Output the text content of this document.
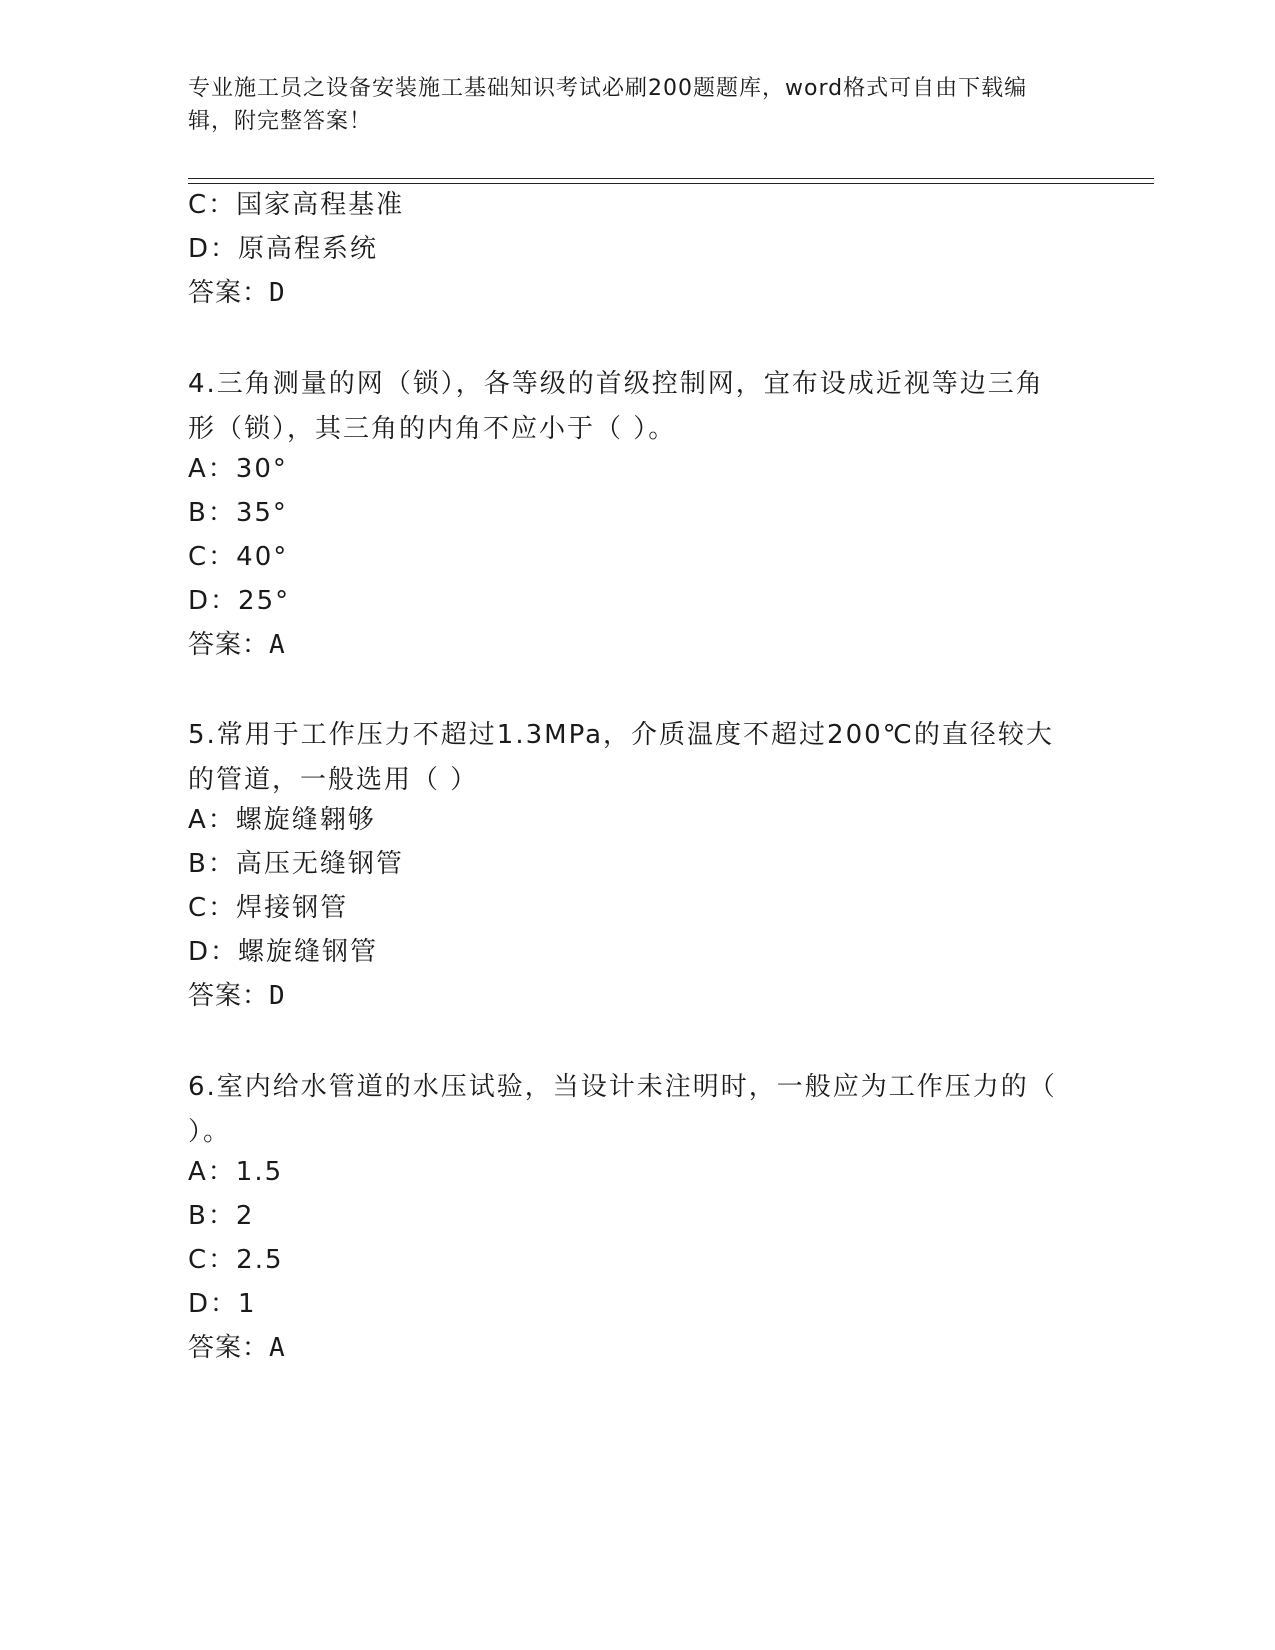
专业施工员之设备安装施工基础知识考试必刷200题题库，word格式可自由下载编辑，附完整答案！
C：国家高程基准
D：原高程系统
答案：D
4.三角测量的网（锁），各等级的首级控制网，宜布设成近视等边三角形（锁），其三角的内角不应小于（ ）。
A：30°
B：35°
C：40°
D：25°
答案：A
5.常用于工作压力不超过1.3MPa，介质温度不超过200℃的直径较大的管道，一般选用（ ）
A：螺旋缝翱够
B：高压无缝钢管
C：焊接钢管
D：螺旋缝钢管
答案：D
6.室内给水管道的水压试验，当设计未注明时，一般应为工作压力的（ ）。
A：1.5
B：2
C：2.5
D：1
答案：A
